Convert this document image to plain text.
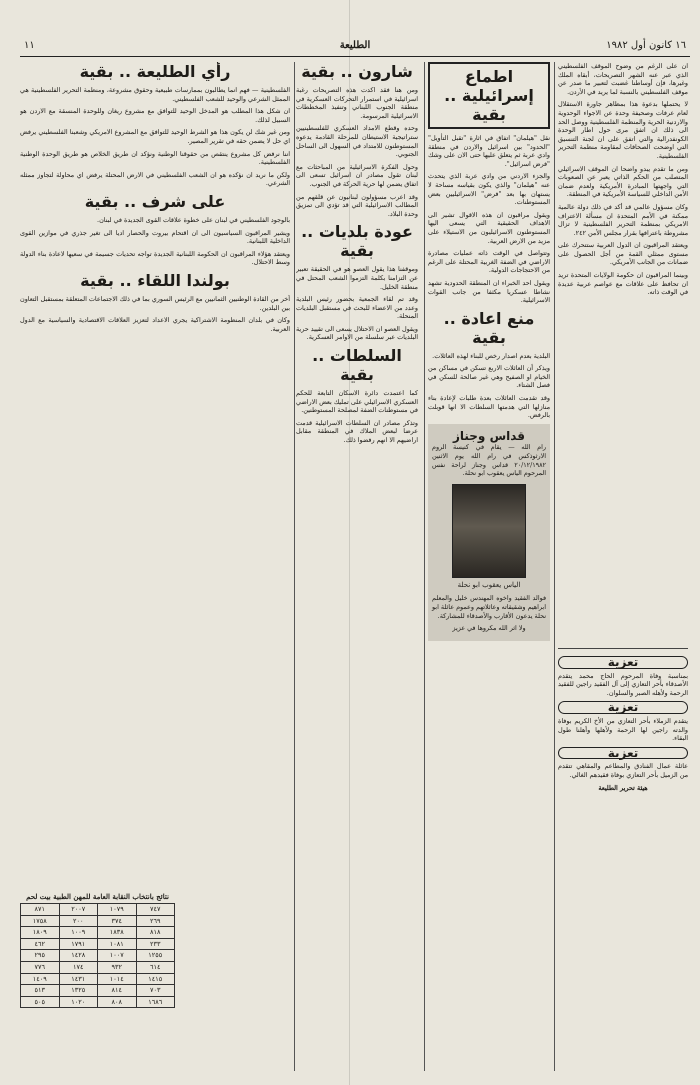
١٦ كانون أول ١٩٨٢
الطليعة
١١

ان على الرغم من وضوح الموقف الفلسطيني الذي عبر عنه الشهر التصريحات، أبقاه الملك وغيرها، فإن أوساطنا غضبت لتعبير ما صدر عن موقف الفلسطيني بالنسبة لما يريد في الأردن.

لا يحتملها بدعوة هذا بمظاهر جاورة الاستقلال لعام عرفات وصحيفة وحدة عن الاجواء الوحدوية والاردنية الحرية والمنظمة الفلسطينية ووصل الحد الى ذلك ان اتفق مرى حول اطار الوحدة الكونفدرالية والتي اتفق على ان لجنة التنسيق التي اوضحت الصحافات لمقاومة منظمة التحرير الفلسطينية.

ومن ما تقدم يبدو واضحا ان الموقف الاسرائيلي المتصلب من الحكم الذاتي يعبر عن الصعوبات التي واجهتها المبادرة الأمريكية ولعدم ضمان الأمن الداخلي للسياسة الأمريكية في المنطقة.

وكان مسؤول عالمي قد أكد في ذلك دولة عالمية ممكنة في الأمم المتحدة ان مسألة الاعتراف الامريكي بمنظمة التحرير الفلسطينية لا تزال مشروطة باعترافها بقرار مجلس الأمن ٢٤٢.

ويعتقد المراقبون ان الدول العربية ستتحرك على مستوى ممثلي القمة من أجل الحصول على ضمانات من الجانب الأمريكي.

وبينما المراقبون ان حكومة الولايات المتحدة تريد ان تحافظ على علاقات مع عواصم عربية عديدة في الوقت ذاته.

تعزية

بمناسبة وفاة المرحوم الحاج محمد يتقدم الأصدقاء بأحر التعازي إلى آل الفقيد راجين للفقيد الرحمة ولأهله الصبر والسلوان.

تعزية

يتقدم الزملاء بأحر التعازي من الأخ الكريم بوفاة والدته راجين لها الرحمة ولأهلها وأهلنا طول البقاء.

تعزية

عائلة عمال الفنادق والمطاعم والمقاهي تتقدم من الزميل بأحر التعازي بوفاة فقيدهم الغالي.

هيئة تحرير الطليعة

اطماع إسرائيلية .. بقية

نقل "هيلمان" اتفاق في اثارة "تقبل التأويل" "الحدود" بين اسرائيل والاردن في منطقة وادي عربة ثم يتعلق عليها حتى الان على وشك "فرض اسرائيل".

والجزء الاردني من وادي عربة الذي يتحدث عنه "هيلمان" والذي يكون بقياسه مساحة لا يستهان بها بعد "فرض" الاسرائيليين بعض المستوطنات.

ويقول مراقبون ان هذه الاقوال تشير الى الاهداف الحقيقية التي يسعى اليها المستوطنون الاسرائيليون من الاستيلاء على مزيد من الارض العربية.

وتتواصل في الوقت ذاته عمليات مصادرة الاراضي في الضفة الغربية المحتلة على الرغم من الاحتجاجات الدولية.

ويقول احد الخبراء ان المنطقة الحدودية تشهد نشاطا عسكريا مكثفا من جانب القوات الاسرائيلية.

منع اعادة .. بقية

البلدية بعدم اصدار رخص للبناء لهذه العائلات.

ويذكر أن العائلات الاربع تسكن في مساكن من الخيام او الصفيح وهي غير صالحة للسكن في فصل الشتاء.

وقد تقدمت العائلات بعدة طلبات لإعادة بناء منازلها التي هدمتها السلطات الا انها قوبلت بالرفض.

قداس وجناز

رام الله — يقام في كنيسة الروم الارثوذكس في رام الله يوم الاثنين ٢٠/١٢/١٩٨٢ قداس وجناز لراحة نفس المرحوم الياس يعقوب ابو نحلة.

الياس يعقوب ابو نحلة

فوالد الفقيد واخوه المهندس خليل والمعلم ابراهيم وشقيقاته وعائلاتهم وعموم عائلة ابو نحلة يدعون الأقارب والأصدقاء للمشاركة.

ولا اثر الله مكروها في عزيز

شارون .. بقية

ومن هنا فقد اكدت هذه التصريحات رغبة اسرائيلية في استمرار التحركات العسكرية في منطقة الجنوب اللبناني وتنفيذ المخططات الاسرائيلية المرسومة.

وحده وقطع الامداد العسكري للفلسطينيين ستراتيجية الاستيطان للمرحلة القادمة يدعوه المستوطنون للامتداد في السهول الى الساحل الجنوبي.

وحول الفكرة الاسرائيلية من المباحثات مع لبنان تقول مصادر ان اسرائيل تسعى الى اتفاق يضمن لها حرية الحركة في الجنوب.

وقد اعرب مسؤولون لبنانيون عن قلقهم من المطالب الاسرائيلية التي قد تؤدي الى تمزيق وحدة البلاد.

عودة بلديات .. بقية

وموقفنا هذا يقول العصو هو في الحقيقة تعبير عن التزامنا بكلمة التزموا الشعب المحتل في منطقة الخليل.

وقد تم لقاء الجمعية بحضور رئيس البلدية وعدد من الاعضاء للبحث في مستقبل البلديات المنحلة.

ويقول العصو ان الاحتلال يسعى الى تقييد حرية البلديات عبر سلسلة من الاوامر العسكرية.

السلطات .. بقية

كما اعتمدت دائرة الاسكان التابعة للحكم العسكري الاسرائيلي على تمليك بعض الاراضي في مستوطنات الضفة لمصلحة المستوطنين.

وتذكر مصادر ان السلطات الاسرائيلية قدمت عرضا لبعض الملاك في المنطقة مقابل اراضيهم الا انهم رفضوا ذلك.

رأي الطليعة .. بقية

الفلسطينية — فهم انما يطالبون بممارسات طبيعية وحقوق مشروعة، ومنظمة التحرير الفلسطينية هي الممثل الشرعي والوحيد للشعب الفلسطيني.

ان شكل هذا المطلب هو المدخل الوحيد للتوافق مع مشروع ريغان وللوحدة المنسقة مع الاردن هو السبيل لذلك.

ومن غير شك لن يكون هذا هو الشرط الوحيد للتوافق مع المشروع الامريكي وشعبنا الفلسطيني يرفض اي حل لا يضمن حقه في تقرير المصير.

اننا نرفض كل مشروع ينتقص من حقوقنا الوطنية ونؤكد ان طريق الخلاص هو طريق الوحدة الوطنية الفلسطينية.

ولكن ما نريد ان نؤكده هو ان الشعب الفلسطيني في الارض المحتلة يرفض اي محاولة لتجاوز ممثله الشرعي.

على شرف .. بقية

بالوجود الفلسطيني في لبنان على خطوة علاقات القوى الجديدة في لبنان.

ويشير المراقبون السياسيون الى ان اقتحام بيروت والحصار اديا الى تغير جذري في موازين القوى الداخلية اللبنانية.

ويعتقد هؤلاء المراقبون ان الحكومة اللبنانية الجديدة تواجه تحديات جسيمة في سعيها لاعادة بناء الدولة وسط الاحتلال.

بولندا اللقاء .. بقية

آخر من القادة الوطنيين الثمانيين مع الرئيس السوري بما في ذلك الاجتماعات المتعلقة بمستقبل التعاون بين البلدين.

وكان في بلدان المنظومة الاشتراكية يجري الاعداد لتعزيز العلاقات الاقتصادية والسياسية مع الدول العربية.

نتائج بانتخاب النقابة العامة للمهن الطبية بيت لحم
٧٤٧	١٠٧٩	٢٠٠٧	٨٧١
٢٦٩	٣٧٤	٢٠٠	١٧٥٨
٨١٨	١٨٣٨	١٠٠٩	١٨٠٩
٢٣٣	١٠٨١	١٧٩١	٤٦٢
١٢٥٥	١٠٠٧	١٤٢٨	٢٩٥
٦١٤	٩٣٢	١٧٤	٧٧٦
١٤١٥	١٠١٤	١٤٣١	١٤٠٩
٧٠٣	٨١٤	١٣٢٥	٥١٣
١٦٨٦	٨٠٨	١٠٢٠	٥٠٥
